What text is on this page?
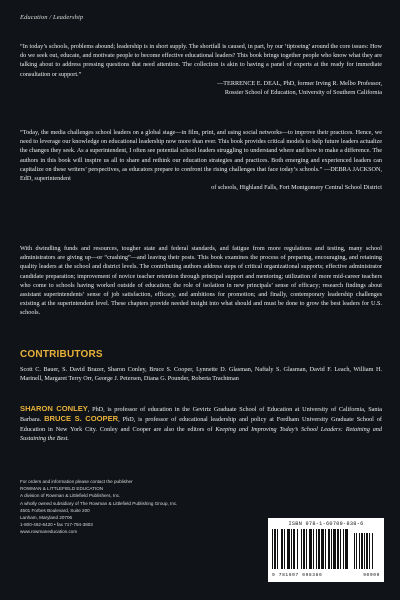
Education / Leadership
“In today’s schools, problems abound; leadership is in short supply. The shortfall is caused, in part, by our ‘tiptoeing’ around the core issues: How do we seek out, educate, and motivate people to become effective educational leaders? This book brings together people who know what they are talking about to address pressing questions that need attention. The collection is akin to having a panel of experts at the ready for immediate consultation or support.”
—TERRENCE E. DEAL, PhD, former Irving R. Melbo Professor,
Rossier School of Education, University of Southern California
“Today, the media challenges school leaders on a global stage—in film, print, and using social networks—to improve their practices. Hence, we need to leverage our knowledge on educational leadership now more than ever. This book provides critical models to help future leaders actualize the changes they seek. As a superintendent, I often see potential school leaders struggling to understand where and how to make a difference. The authors in this book will inspire us all to share and rethink our education strategies and practices. Both emerging and experienced leaders can capitalize on these writers’ perspectives, as educators prepare to confront the rising challenges that face today’s schools.” —DEBRA JACKSON, EdD, superintendent
of schools, Highland Falls, Fort Montgomery Central School District
With dwindling funds and resources, tougher state and federal standards, and fatigue from more regulations and testing, many school administrators are giving up—or “crashing”—and leaving their posts. This book examines the process of preparing, encouraging, and retaining quality leaders at the school and district levels. The contributing authors address steps of critical organizational supports; effective administrator candidate preparation; improvement of novice teacher retention through principal support and mentoring; utilization of more mid-career teachers who come to schools having worked outside of education; the role of isolation in new principals’ sense of efficacy; research findings about assistant superintendents’ sense of job satisfaction, efficacy, and ambitions for promotion; and finally, contemporary leadership challenges existing at the superintendent level. These chapters provide needed insight into what should and must be done to grow the best leaders for U.S. schools.
CONTRIBUTORS
Scott C. Bauer, S. David Brazer, Sharon Conley, Bruce S. Cooper, Lynnette D. Glasman, Naftaly S. Glasman, David F. Leach, William H. Marinell, Margaret Terry Orr, George J. Petersen, Diana G. Pounder, Roberta Trachtman
SHARON CONLEY, PhD, is professor of education in the Gevirtz Graduate School of Education at University of California, Santa Barbara. BRUCE S. COOPER, PhD, is professor of educational leadership and policy at Fordham University Graduate School of Education in New York City. Conley and Cooper are also the editors of Keeping and Improving Today’s School Leaders: Retaining and Sustaining the Best.
For orders and information please contact the publisher
ROWMAN & LITTLEFIELD EDUCATION
A division of Rowman & Littlefield Publishers, Inc.
A wholly owned subsidiary of The Rowman & Littlefield Publishing Group, Inc.
4501 Forbes Boulevard, Suite 200
Lanham, Maryland 20706
1-800-462-6420 • fax 717-794-3803
www.rowmaneducation.com
ISBN 978-1-60709-838-6
9 781607 098386	90000
